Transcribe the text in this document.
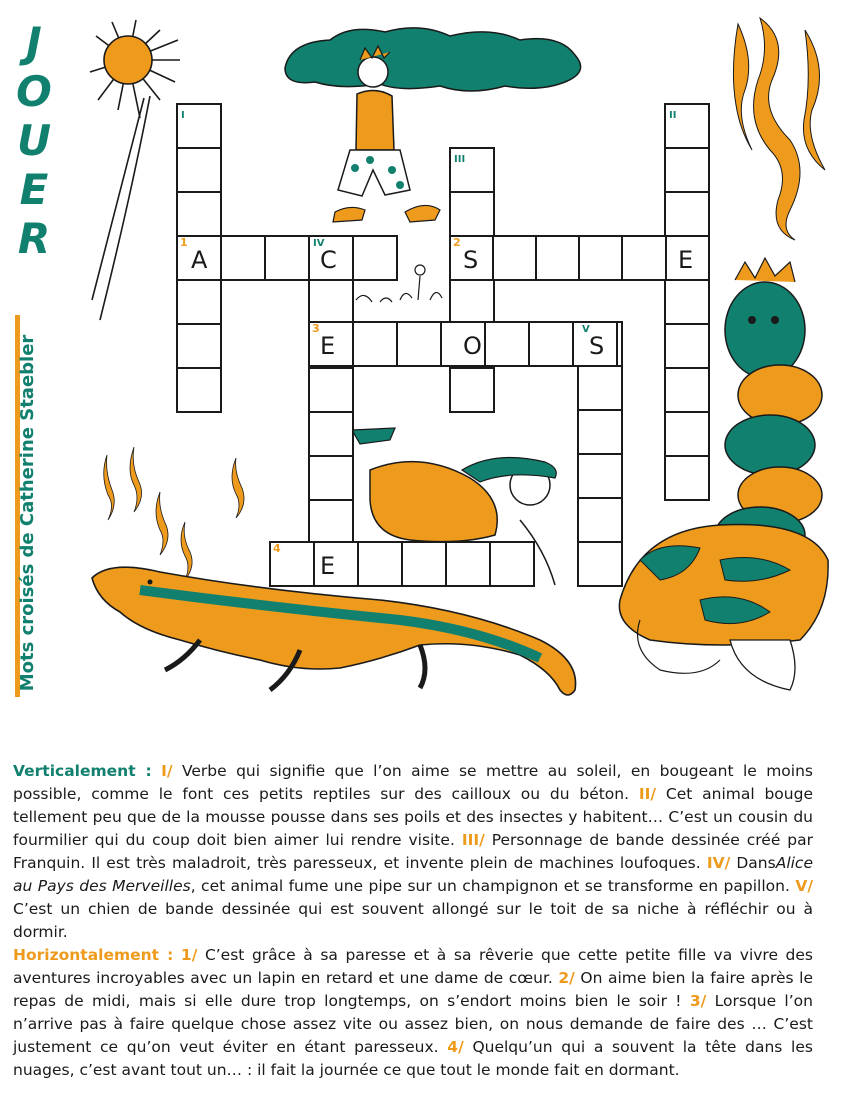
I	II
III
IV
V
1	2
3
4
A	C	S	E
E	O	S
E
J
O
U
E
R
Mots croisés de Catherine Staebler

Verticalement : I/ Verbe qui signifie que l’on aime se mettre au soleil, en bougeant le moins possible, comme le font ces petits reptiles sur des cailloux ou du béton. II/ Cet animal bouge tellement peu que de la mousse pousse dans ses poils et des insectes y habitent… C’est un cousin du fourmilier qui du coup doit bien aimer lui rendre visite. III/ Personnage de bande dessinée créé par Franquin. Il est très maladroit, très paresseux, et invente plein de machines loufoques. IV/ DansAlice au Pays des Merveilles, cet animal fume une pipe sur un champignon et se transforme en papillon. V/ C’est un chien de bande dessinée qui est souvent allongé sur le toit de sa niche à réfléchir ou à dormir.

Horizontalement : 1/ C’est grâce à sa paresse et à sa rêverie que cette petite fille va vivre des aventures incroyables avec un lapin en retard et une dame de cœur. 2/ On aime bien la faire après le repas de midi, mais si elle dure trop longtemps, on s’endort moins bien le soir ! 3/ Lorsque l’on n’arrive pas à faire quelque chose assez vite ou assez bien, on nous demande de faire des … C’est justement ce qu’on veut éviter en étant paresseux. 4/ Quelqu’un qui a souvent la tête dans les nuages, c’est avant tout un… : il fait la journée ce que tout le monde fait en dormant.
